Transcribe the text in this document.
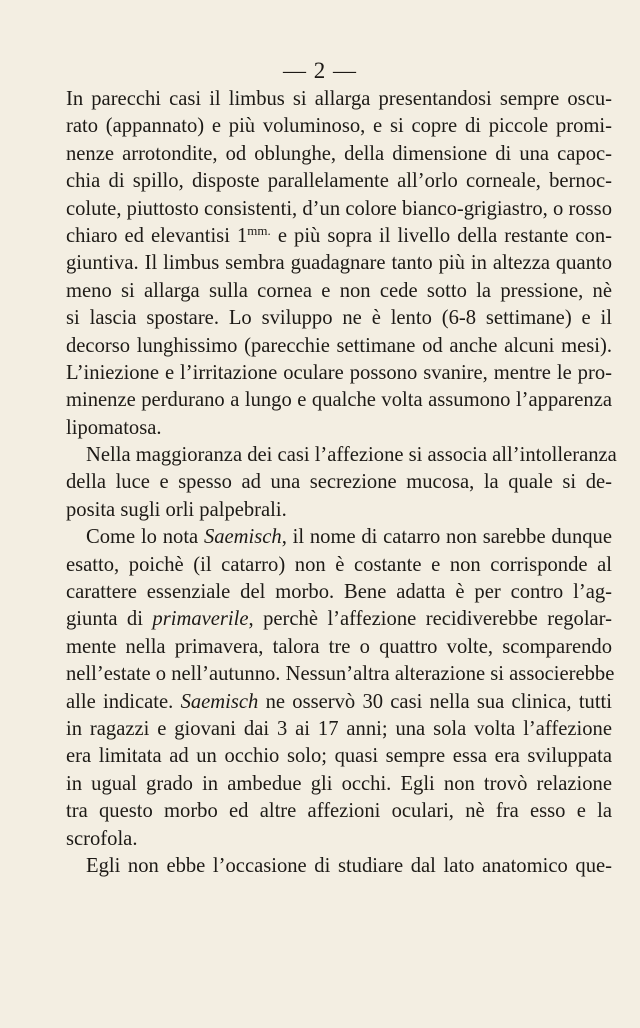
— 2 —
In parecchi casi il limbus si allarga presentandosi sempre oscu-
rato (appannato) e più voluminoso, e si copre di piccole promi-
nenze arrotondite, od oblunghe, della dimensione di una capoc-
chia di spillo, disposte parallelamente all’orlo corneale, bernoc-
colute, piuttosto consistenti, d’un colore bianco-grigiastro, o rosso
chiaro ed elevantisi $1^{mm.}$ e più sopra il livello della restante con-
giuntiva. Il limbus sembra guadagnare tanto più in altezza quanto
meno si allarga sulla cornea e non cede sotto la pressione, nè
si lascia spostare. Lo sviluppo ne è lento (6-8 settimane) e il
decorso lunghissimo (parecchie settimane od anche alcuni mesi).
L’iniezione e l’irritazione oculare possono svanire, mentre le pro-
minenze perdurano a lungo e qualche volta assumono l’apparenza
lipomatosa.
Nella maggioranza dei casi l’affezione si associa all’intolleranza
della luce e spesso ad una secrezione mucosa, la quale si de-
posita sugli orli palpebrali.
Come lo nota Saemisch, il nome di catarro non sarebbe dunque
esatto, poichè (il catarro) non è costante e non corrisponde al
carattere essenziale del morbo. Bene adatta è per contro l’ag-
giunta di primaverile, perchè l’affezione recidiverebbe regolar-
mente nella primavera, talora tre o quattro volte, scomparendo
nell’estate o nell’autunno. Nessun’altra alterazione si associerebbe
alle indicate. Saemisch ne osservò 30 casi nella sua clinica, tutti
in ragazzi e giovani dai 3 ai 17 anni; una sola volta l’affezione
era limitata ad un occhio solo; quasi sempre essa era sviluppata
in ugual grado in ambedue gli occhi. Egli non trovò relazione
tra questo morbo ed altre affezioni oculari, nè fra esso e la
scrofola.
Egli non ebbe l’occasione di studiare dal lato anatomico que-
